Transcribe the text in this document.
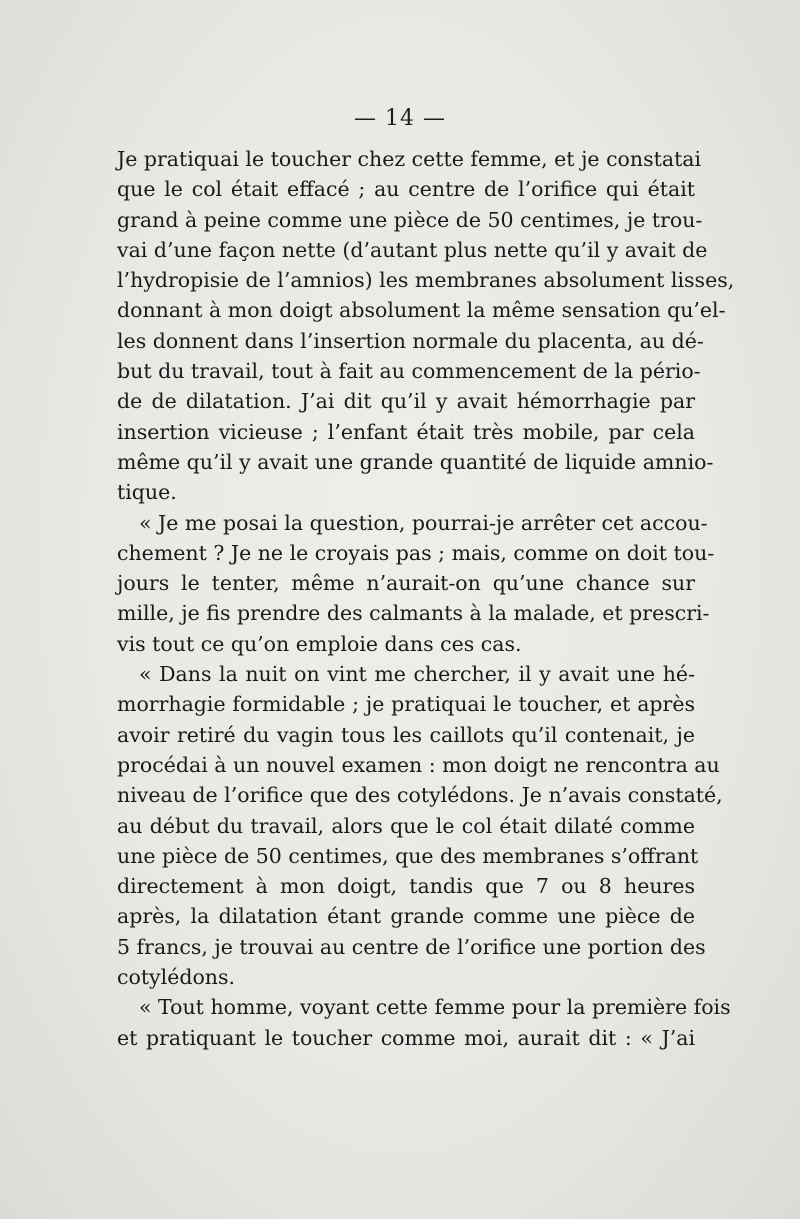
— 14 —
Je pratiquai le toucher chez cette femme, et je constatai
que le col était effacé ; au centre de l’orifice qui était
grand à peine comme une pièce de 50 centimes, je trou-
vai d’une façon nette (d’autant plus nette qu’il y avait de
l’hydropisie de l’amnios) les membranes absolument lisses,
donnant à mon doigt absolument la même sensation qu’el-
les donnent dans l’insertion normale du placenta, au dé-
but du travail, tout à fait au commencement de la pério-
de de dilatation. J’ai dit qu’il y avait hémorrhagie par
insertion vicieuse ; l’enfant était très mobile, par cela
même qu’il y avait une grande quantité de liquide amnio-
tique.
« Je me posai la question, pourrai-je arrêter cet accou-
chement ? Je ne le croyais pas ; mais, comme on doit tou-
jours le tenter, même n’aurait-on qu’une chance sur
mille, je fis prendre des calmants à la malade, et prescri-
vis tout ce qu’on emploie dans ces cas.
« Dans la nuit on vint me chercher, il y avait une hé-
morrhagie formidable ; je pratiquai le toucher, et après
avoir retiré du vagin tous les caillots qu’il contenait, je
procédai à un nouvel examen : mon doigt ne rencontra au
niveau de l’orifice que des cotylédons. Je n’avais constaté,
au début du travail, alors que le col était dilaté comme
une pièce de 50 centimes, que des membranes s’offrant
directement à mon doigt, tandis que 7 ou 8 heures
après, la dilatation étant grande comme une pièce de
5 francs, je trouvai au centre de l’orifice une portion des
cotylédons.
« Tout homme, voyant cette femme pour la première fois
et pratiquant le toucher comme moi, aurait dit : « J’ai
